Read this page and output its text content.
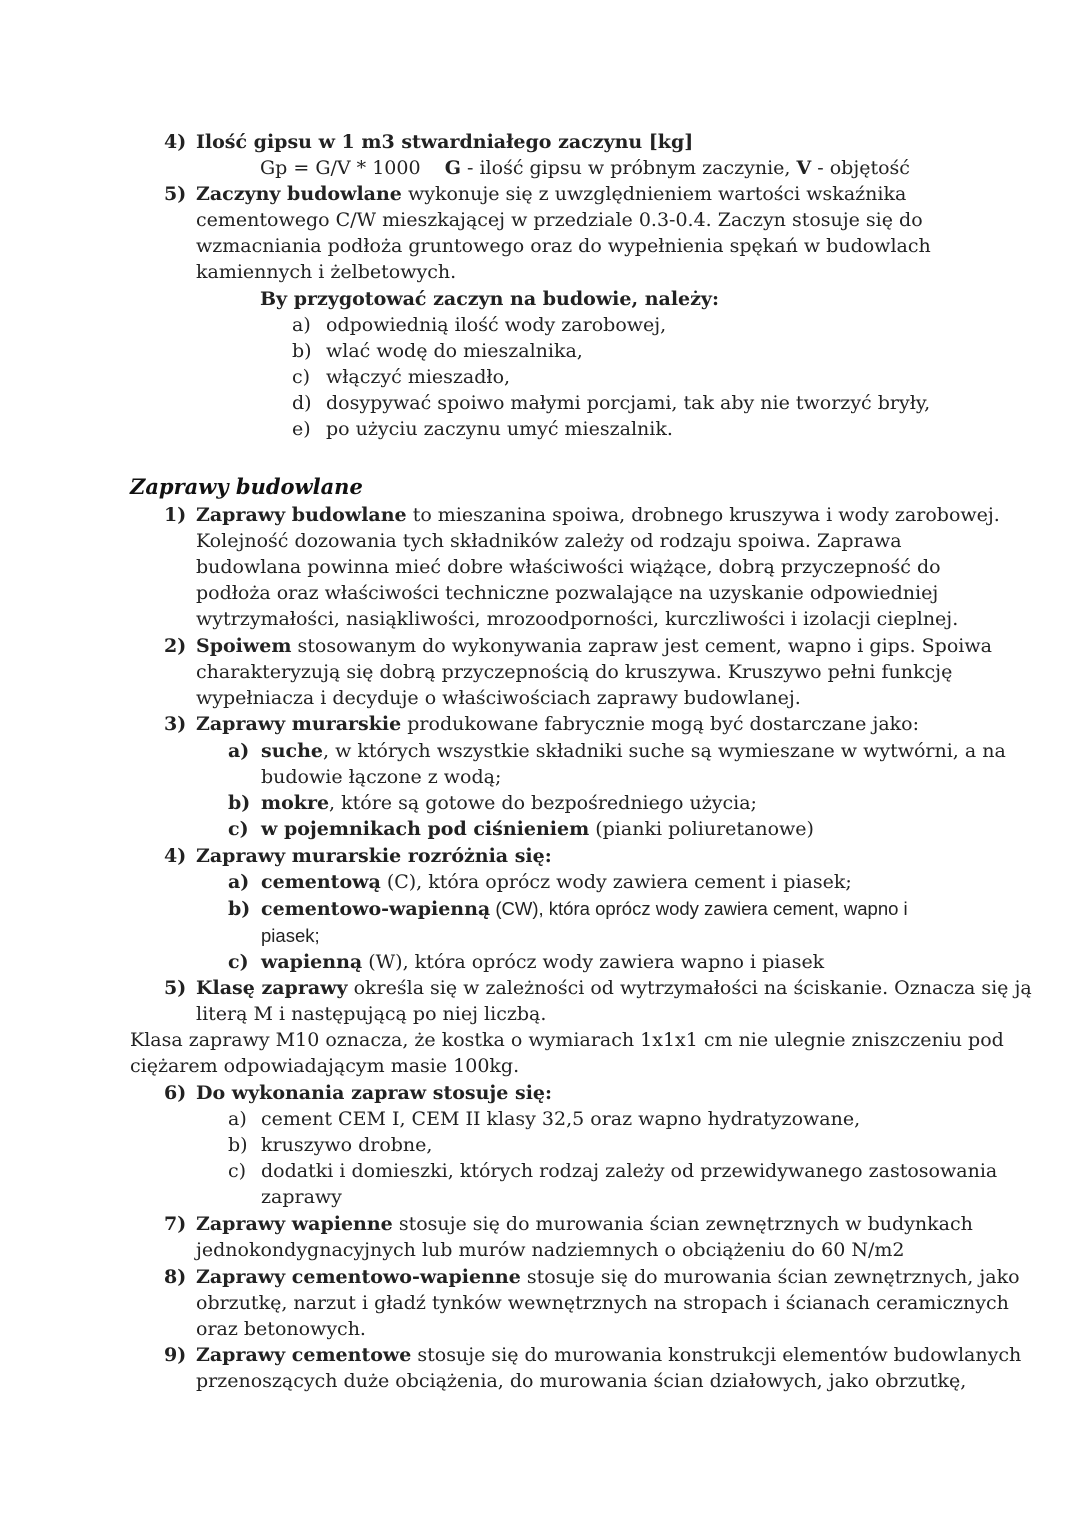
4) Ilość gipsu w 1 m3 stwardniałego zaczynu [kg]
Gp = G/V * 1000 G - ilość gipsu w próbnym zaczynie, V - objętość
5) Zaczyny budowlane wykonuje się z uwzględnieniem wartości wskaźnika
cementowego C/W mieszkającej w przedziale 0.3-0.4. Zaczyn stosuje się do
wzmacniania podłoża gruntowego oraz do wypełnienia spękań w budowlach
kamiennych i żelbetowych.
By przygotować zaczyn na budowie, należy:
a) odpowiednią ilość wody zarobowej,
b) wlać wodę do mieszalnika,
c) włączyć mieszadło,
d) dosypywać spoiwo małymi porcjami, tak aby nie tworzyć bryły,
e) po użyciu zaczynu umyć mieszalnik.
Zaprawy budowlane
1) Zaprawy budowlane to mieszanina spoiwa, drobnego kruszywa i wody zarobowej.
Kolejność dozowania tych składników zależy od rodzaju spoiwa. Zaprawa
budowlana powinna mieć dobre właściwości wiążące, dobrą przyczepność do
podłoża oraz właściwości techniczne pozwalające na uzyskanie odpowiedniej
wytrzymałości, nasiąkliwości, mrozoodporności, kurczliwości i izolacji cieplnej.
2) Spoiwem stosowanym do wykonywania zapraw jest cement, wapno i gips. Spoiwa
charakteryzują się dobrą przyczepnością do kruszywa. Kruszywo pełni funkcję
wypełniacza i decyduje o właściwościach zaprawy budowlanej.
3) Zaprawy murarskie produkowane fabrycznie mogą być dostarczane jako:
a) suche, w których wszystkie składniki suche są wymieszane w wytwórni, a na
budowie łączone z wodą;
b) mokre, które są gotowe do bezpośredniego użycia;
c) w pojemnikach pod ciśnieniem (pianki poliuretanowe)
4) Zaprawy murarskie rozróżnia się:
a) cementową (C), która oprócz wody zawiera cement i piasek;
b) cementowo-wapienną (CW), która oprócz wody zawiera cement, wapno i
piasek;
c) wapienną (W), która oprócz wody zawiera wapno i piasek
5) Klasę zaprawy określa się w zależności od wytrzymałości na ściskanie. Oznacza się ją
literą M i następującą po niej liczbą.
Klasa zaprawy M10 oznacza, że kostka o wymiarach 1x1x1 cm nie ulegnie zniszczeniu pod
ciężarem odpowiadającym masie 100kg.
6) Do wykonania zapraw stosuje się:
a) cement CEM I, CEM II klasy 32,5 oraz wapno hydratyzowane,
b) kruszywo drobne,
c) dodatki i domieszki, których rodzaj zależy od przewidywanego zastosowania
zaprawy
7) Zaprawy wapienne stosuje się do murowania ścian zewnętrznych w budynkach
jednokondygnacyjnych lub murów nadziemnych o obciążeniu do 60 N/m2
8) Zaprawy cementowo-wapienne stosuje się do murowania ścian zewnętrznych, jako
obrzutkę, narzut i gładź tynków wewnętrznych na stropach i ścianach ceramicznych
oraz betonowych.
9) Zaprawy cementowe stosuje się do murowania konstrukcji elementów budowlanych
przenoszących duże obciążenia, do murowania ścian działowych, jako obrzutkę,
